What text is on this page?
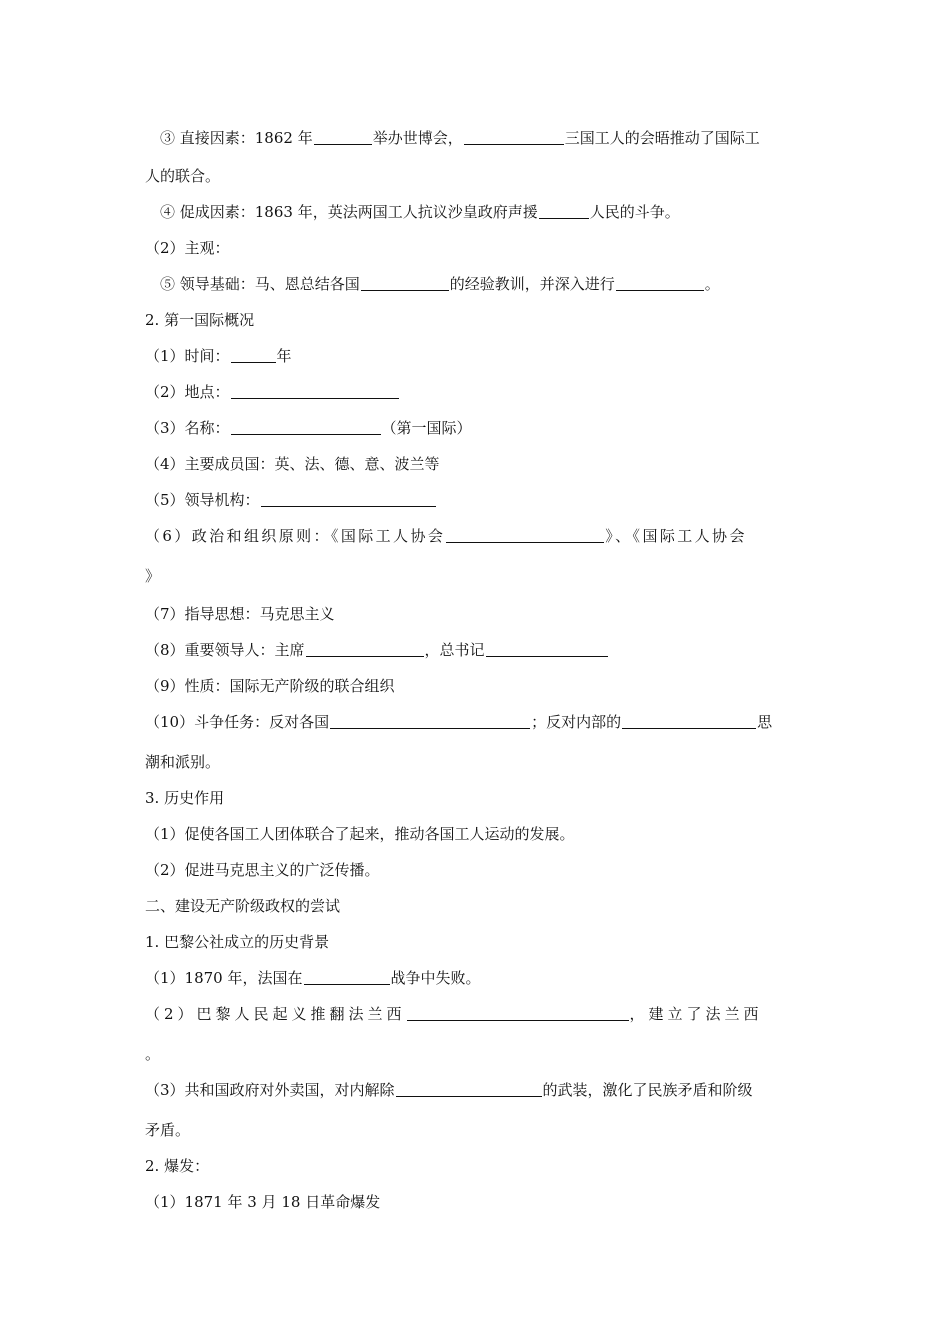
③ 直接因素：1862 年	举办世博会，	三国工人的会晤推动了国际工
人的联合。
④ 促成因素：1863 年，英法两国工人抗议沙皇政府声援	人民的斗争。
（2）主观：
⑤ 领导基础：马、恩总结各国	的经验教训，并深入进行	。
2. 第一国际概况
（1）时间：	年
（2）地点：
（3）名称：	（第一国际）
（4）主要成员国：英、法、德、意、波兰等
（5）领导机构：
（6）政治和组织原则：《国际工人协会	》、《国际工人协会
》
（7）指导思想：马克思主义
（8）重要领导人：主席	，总书记
（9）性质：国际无产阶级的联合组织
（10）斗争任务：反对各国	；反对内部的	思
潮和派别。
3. 历史作用
（1）促使各国工人团体联合了起来，推动各国工人运动的发展。
（2）促进马克思主义的广泛传播。
二、建设无产阶级政权的尝试
1. 巴黎公社成立的历史背景
（1）1870 年，法国在	战争中失败。
（2）巴黎人民起义推翻法兰西	，建立了法兰西
。
（3）共和国政府对外卖国，对内解除	的武装，激化了民族矛盾和阶级
矛盾。
2. 爆发：
（1）1871 年 3 月 18 日革命爆发
